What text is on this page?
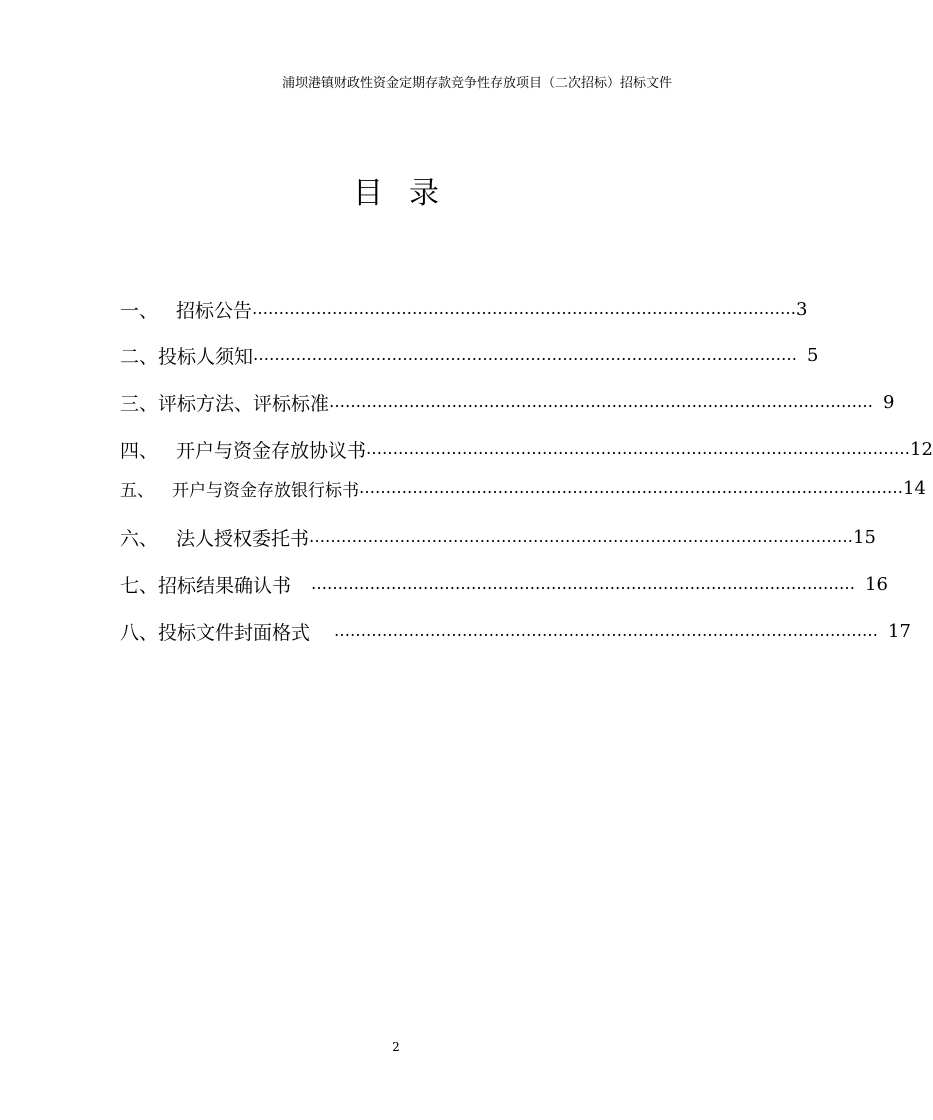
浦坝港镇财政性资金定期存款竞争性存放项目（二次招标）招标文件
目录
一、 招标公告 ………………………………………………………………………………………… 3
二、 投标人须知 ………………………………………………………………………………………… 5
三、 评标方法、评标标准 ………………………………………………………………………………………… 9
四、 开户与资金存放协议书 ………………………………………………………………………………………… 12
五、 开户与资金存放银行标书 ………………………………………………………………………………………… 14
六、 法人授权委托书 ………………………………………………………………………………………… 15
七、 招标结果确认书 ………………………………………………………………………………………… 16
八、 投标文件封面格式 ………………………………………………………………………………………… 17
2
